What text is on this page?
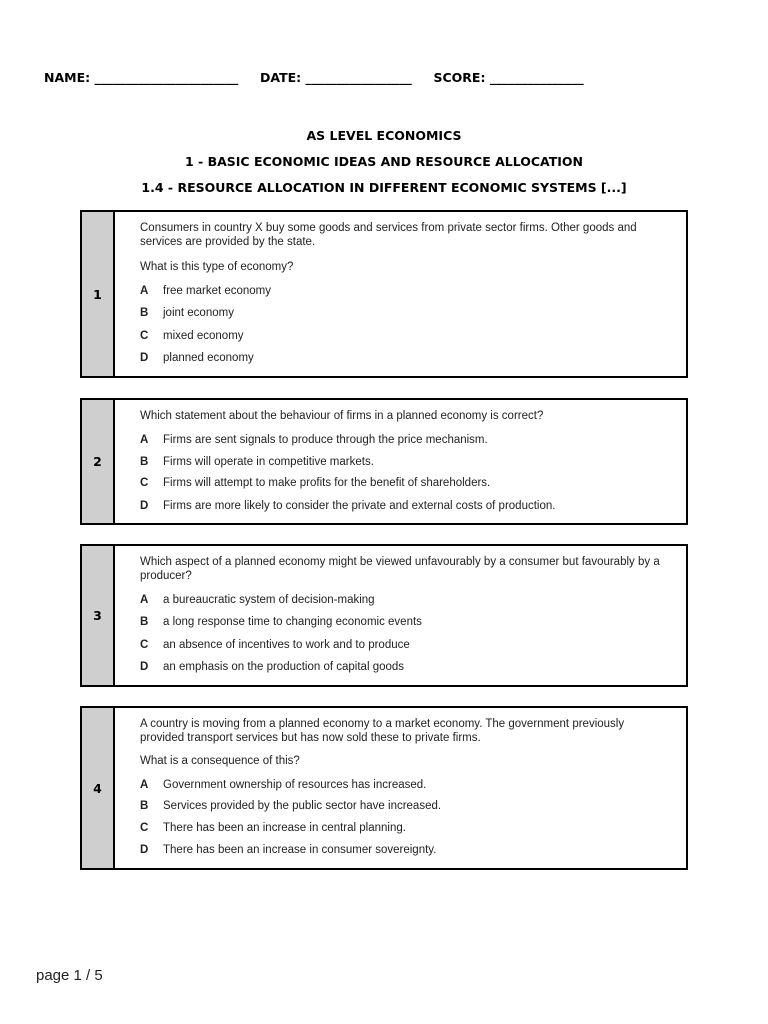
NAME: _______________________ DATE: _________________ SCORE: _______________
AS LEVEL ECONOMICS
1 - BASIC ECONOMIC IDEAS AND RESOURCE ALLOCATION
1.4 - RESOURCE ALLOCATION IN DIFFERENT ECONOMIC SYSTEMS [...]
1
Consumers in country X buy some goods and services from private sector firms. Other goods and services are provided by the state.
What is this type of economy?
A free market economy
B joint economy
C mixed economy
D planned economy
2
Which statement about the behaviour of firms in a planned economy is correct?
A Firms are sent signals to produce through the price mechanism.
B Firms will operate in competitive markets.
C Firms will attempt to make profits for the benefit of shareholders.
D Firms are more likely to consider the private and external costs of production.
Which aspect of a planned economy might be viewed unfavourably by a consumer but favourably by a producer?
A a bureaucratic system of decision-making
B a long response time to changing economic events
C an absence of incentives to work and to produce
D an emphasis on the production of capital goods
3
4
A country is moving from a planned economy to a market economy. The government previously provided transport services but has now sold these to private firms.
What is a consequence of this?
A Government ownership of resources has increased.
B Services provided by the public sector have increased.
C There has been an increase in central planning.
D There has been an increase in consumer sovereignty.
page 1 / 5
